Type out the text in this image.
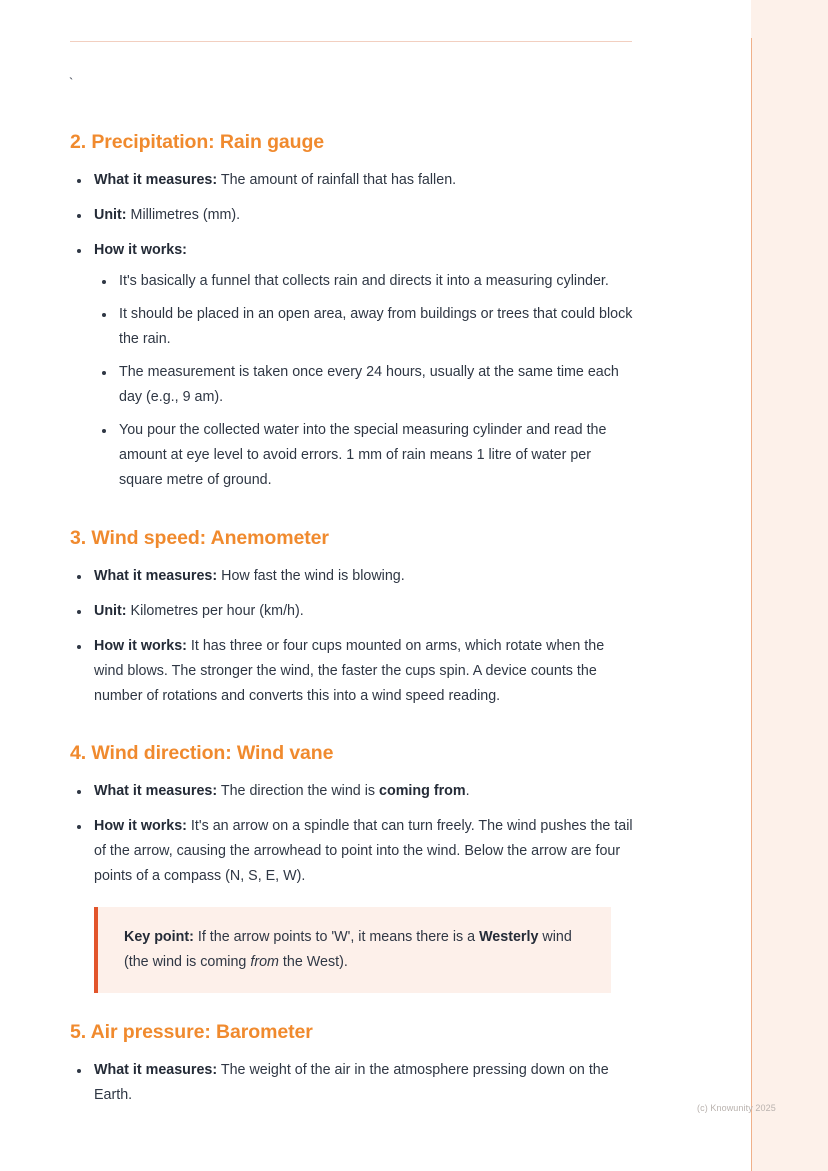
`
2. Precipitation: Rain gauge
What it measures: The amount of rainfall that has fallen.
Unit: Millimetres (mm).
How it works:
It's basically a funnel that collects rain and directs it into a measuring cylinder.
It should be placed in an open area, away from buildings or trees that could block the rain.
The measurement is taken once every 24 hours, usually at the same time each day (e.g., 9 am).
You pour the collected water into the special measuring cylinder and read the amount at eye level to avoid errors. 1 mm of rain means 1 litre of water per square metre of ground.
3. Wind speed: Anemometer
What it measures: How fast the wind is blowing.
Unit: Kilometres per hour (km/h).
How it works: It has three or four cups mounted on arms, which rotate when the wind blows. The stronger the wind, the faster the cups spin. A device counts the number of rotations and converts this into a wind speed reading.
4. Wind direction: Wind vane
What it measures: The direction the wind is coming from.
How it works: It's an arrow on a spindle that can turn freely. The wind pushes the tail of the arrow, causing the arrowhead to point into the wind. Below the arrow are four points of a compass (N, S, E, W).

Key point: If the arrow points to 'W', it means there is a Westerly wind (the wind is coming from the West).

5. Air pressure: Barometer
What it measures: The weight of the air in the atmosphere pressing down on the Earth.
(c) Knowunity 2025
